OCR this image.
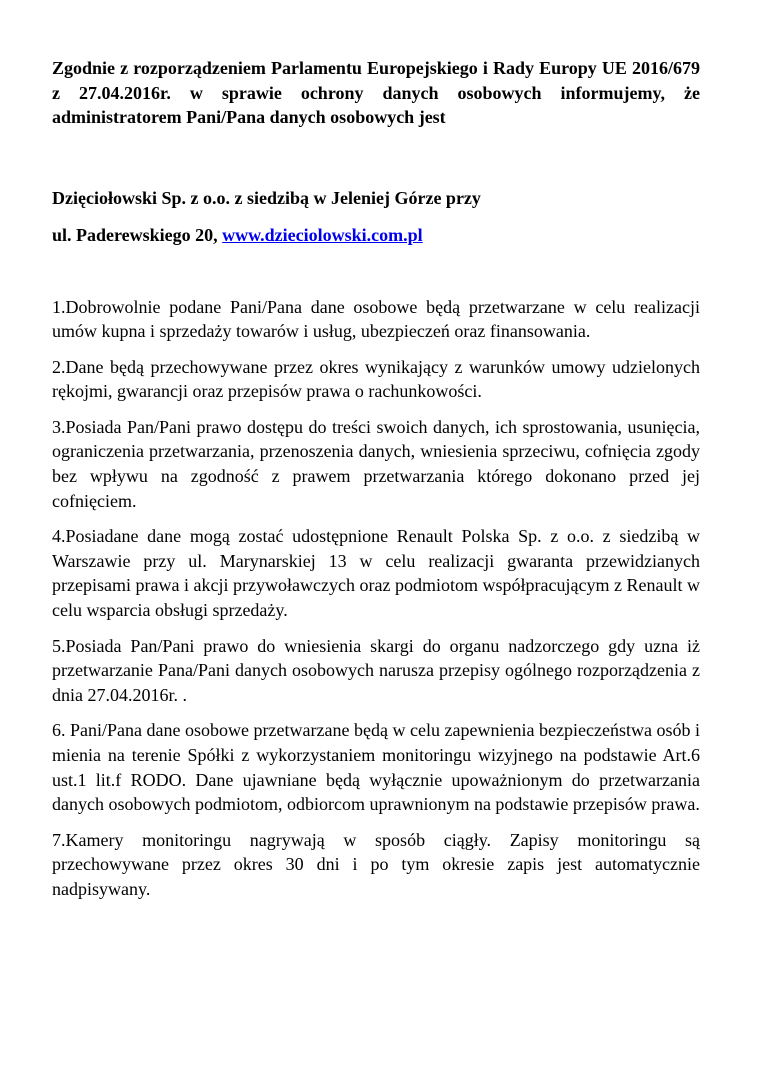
Zgodnie z rozporządzeniem Parlamentu Europejskiego i Rady Europy UE 2016/679 z 27.04.2016r. w sprawie ochrony danych osobowych informujemy, że administratorem Pani/Pana danych osobowych jest

Dzięciołowski Sp. z o.o. z siedzibą w Jeleniej Górze przy

ul. Paderewskiego 20, www.dzieciolowski.com.pl

1.Dobrowolnie podane Pani/Pana dane osobowe będą przetwarzane w celu realizacji umów kupna i sprzedaży towarów i usług, ubezpieczeń oraz finansowania.

2.Dane będą przechowywane przez okres wynikający z warunków umowy udzielonych rękojmi, gwarancji oraz przepisów prawa o rachunkowości.

3.Posiada Pan/Pani prawo dostępu do treści swoich danych, ich sprostowania, usunięcia, ograniczenia przetwarzania, przenoszenia danych, wniesienia sprzeciwu, cofnięcia zgody bez wpływu na zgodność z prawem przetwarzania którego dokonano przed jej cofnięciem.

4.Posiadane dane mogą zostać udostępnione Renault Polska Sp. z o.o. z siedzibą w Warszawie przy ul. Marynarskiej 13 w celu realizacji gwaranta przewidzianych przepisami prawa i akcji przywoławczych oraz podmiotom współpracującym z Renault w celu wsparcia obsługi sprzedaży.

5.Posiada Pan/Pani prawo do wniesienia skargi do organu nadzorczego gdy uzna iż przetwarzanie Pana/Pani danych osobowych narusza przepisy ogólnego rozporządzenia z dnia 27.04.2016r. .

6. Pani/Pana dane osobowe przetwarzane będą w celu zapewnienia bezpieczeństwa osób i mienia na terenie Spółki z wykorzystaniem monitoringu wizyjnego na podstawie Art.6 ust.1 lit.f RODO. Dane ujawniane będą wyłącznie upoważnionym do przetwarzania danych osobowych podmiotom, odbiorcom uprawnionym na podstawie przepisów prawa.

7.Kamery monitoringu nagrywają w sposób ciągły. Zapisy monitoringu są przechowywane przez okres 30 dni i po tym okresie zapis jest automatycznie nadpisywany.
